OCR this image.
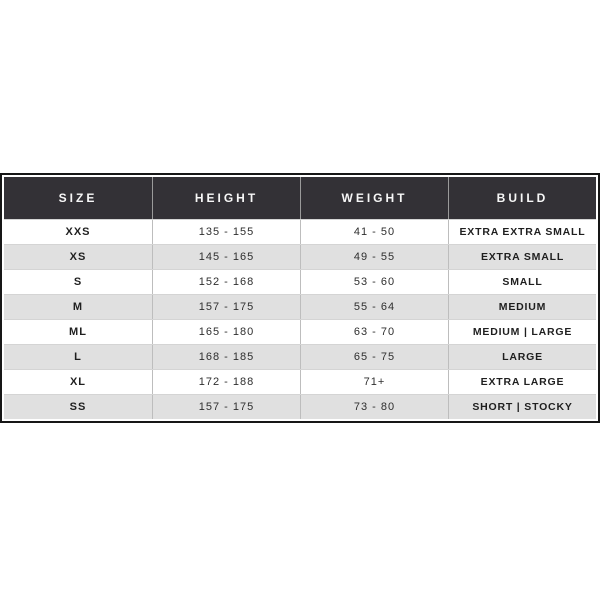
SIZE	HEIGHT	WEIGHT	BUILD
XXS	135 - 155	41 - 50	EXTRA EXTRA SMALL
XS	145 - 165	49 - 55	EXTRA SMALL
S	152 - 168	53 - 60	SMALL
M	157 - 175	55 - 64	MEDIUM
ML	165 - 180	63 - 70	MEDIUM | LARGE
L	168 - 185	65 - 75	LARGE
XL	172 - 188	71+	EXTRA LARGE
SS	157 - 175	73 - 80	SHORT | STOCKY
